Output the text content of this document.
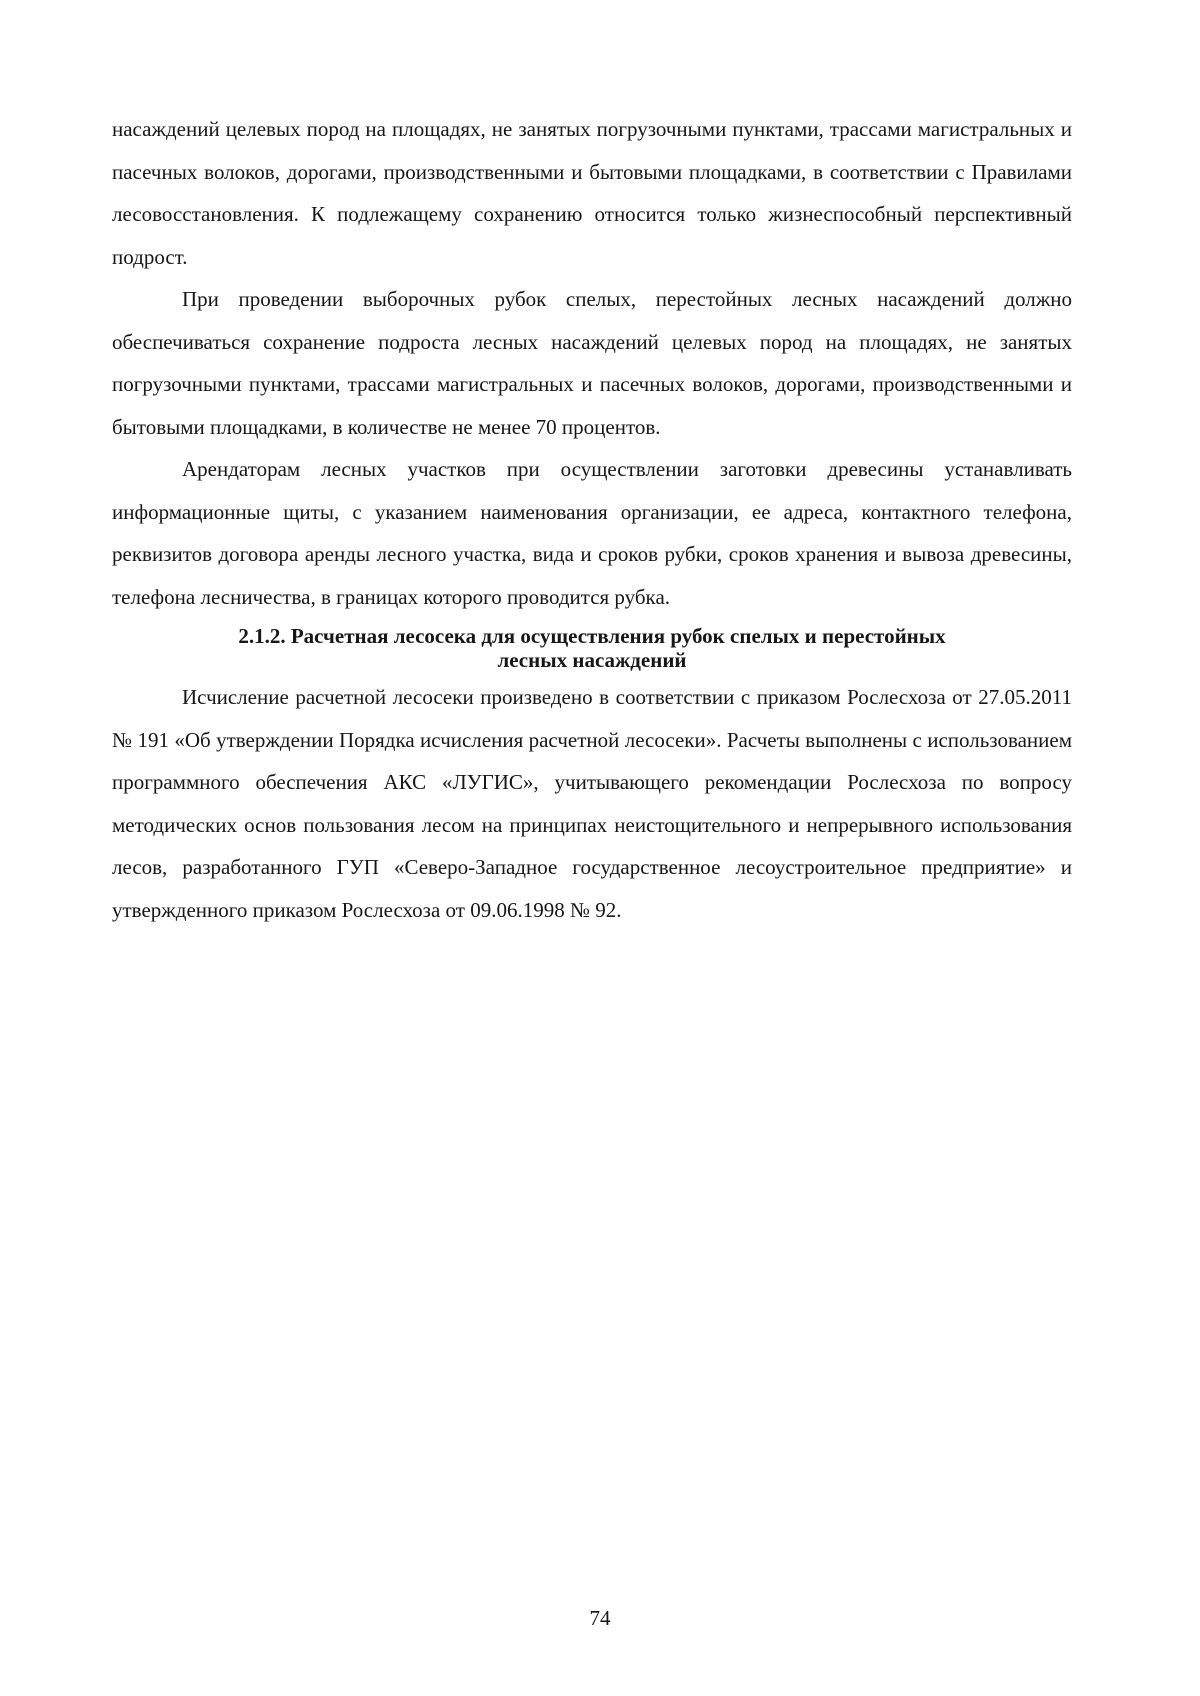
насаждений целевых пород на площадях, не занятых погрузочными пунктами, трассами магистральных и пасечных волоков, дорогами, производственными и бытовыми площадками, в соответствии с Правилами лесовосстановления. К подлежащему сохранению относится только жизнеспособный перспективный подрост.

При проведении выборочных рубок спелых, перестойных лесных насаждений должно обеспечиваться сохранение подроста лесных насаждений целевых пород на площадях, не занятых погрузочными пунктами, трассами магистральных и пасечных волоков, дорогами, производственными и бытовыми площадками, в количестве не менее 70 процентов.

Арендаторам лесных участков при осуществлении заготовки древесины устанавливать информационные щиты, с указанием наименования организации, ее адреса, контактного телефона, реквизитов договора аренды лесного участка, вида и сроков рубки, сроков хранения и вывоза древесины, телефона лесничества, в границах которого проводится рубка.

2.1.2. Расчетная лесосека для осуществления рубок спелых и перестойных
лесных насаждений

Исчисление расчетной лесосеки произведено в соответствии с приказом Рослесхоза от 27.05.2011 № 191 «Об утверждении Порядка исчисления расчетной лесосеки». Расчеты выполнены с использованием программного обеспечения АКС «ЛУГИС», учитывающего рекомендации Рослесхоза по вопросу методических основ пользования лесом на принципах неистощительного и непрерывного использования лесов, разработанного ГУП «Северо-Западное государственное лесоустроительное предприятие» и утвержденного приказом Рослесхоза от 09.06.1998 № 92.

74
